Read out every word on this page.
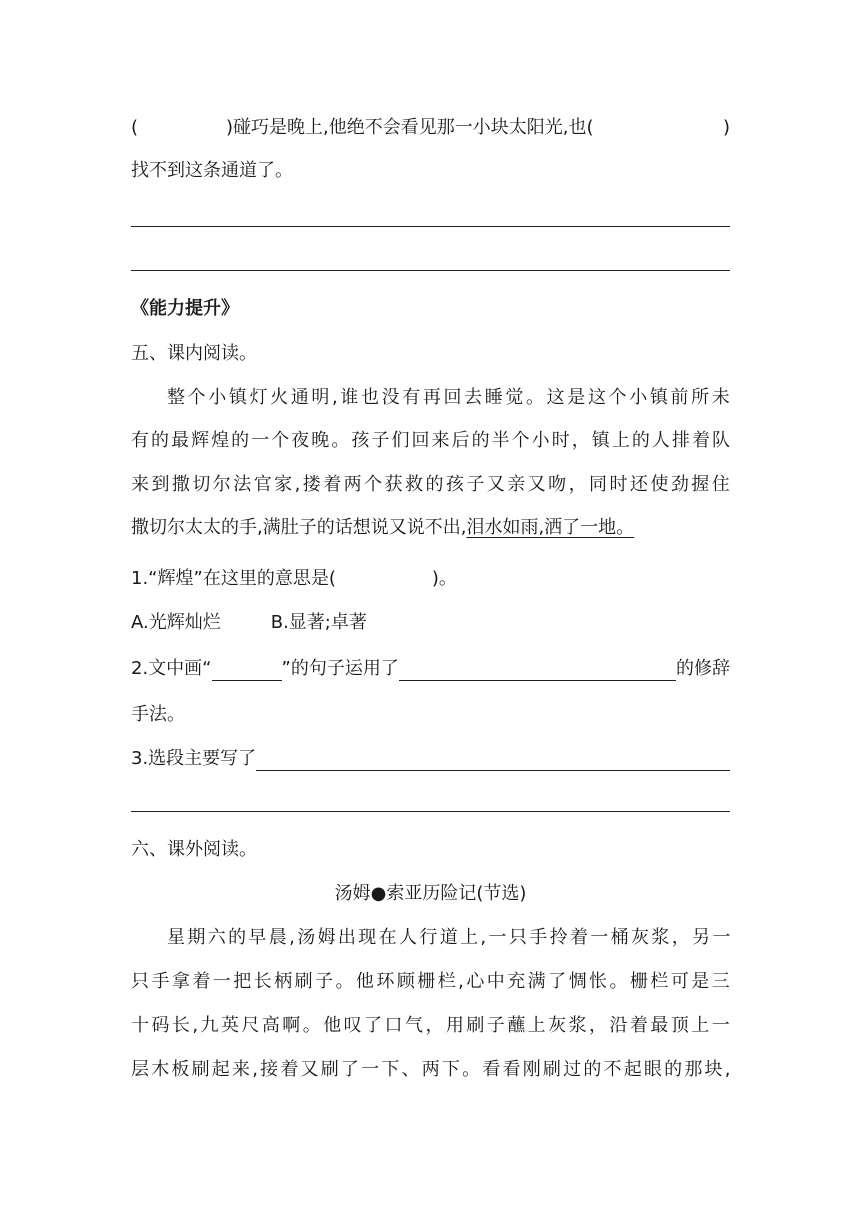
(	)碰巧是晚上,他绝不会看见那一小块太阳光,也(	)
找不到这条通道了。
《能力提升》
五、课内阅读。
整个小镇灯火通明,谁也没有再回去睡觉。这是这个小镇前所未
有的最辉煌的一个夜晚。孩子们回来后的半个小时，镇上的人排着队
来到撒切尔法官家,搂着两个获救的孩子又亲又吻，同时还使劲握住
撒切尔太太的手,满肚子的话想说又说不出,泪水如雨,洒了一地。
1.“辉煌”在这里的意思是(	)。
A.光辉灿烂	B.显著;卓著
2.文中画“	”的句子运用了	的修辞
手法。
3.选段主要写了
六、课外阅读。
汤姆●索亚历险记(节选)
星期六的早晨,汤姆出现在人行道上,一只手拎着一桶灰浆，另一
只手拿着一把长柄刷子。他环顾栅栏,心中充满了惆怅。栅栏可是三
十码长,九英尺高啊。他叹了口气，用刷子蘸上灰浆，沿着最顶上一
层木板刷起来,接着又刷了一下、两下。看看刚刷过的不起眼的那块,
